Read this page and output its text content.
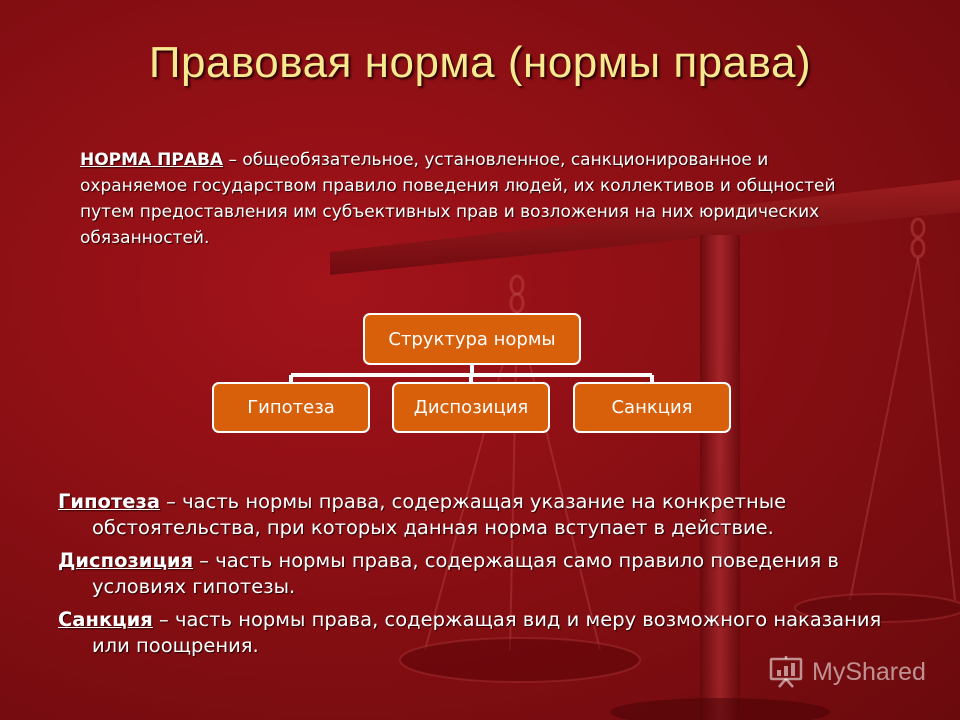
Правовая норма (нормы права)
НОРМА ПРАВА – общеобязательное, установленное, санкционированное и охраняемое государством правило поведения людей, их коллективов и общностей путем предоставления им субъективных прав и возложения на них юридических обязанностей.
Структура нормы
Гипотеза	Диспозиция	Санкция

Гипотеза – часть нормы права, содержащая указание на конкретные обстоятельства, при которых данная норма вступает в действие.

Диспозиция – часть нормы права, содержащая само правило поведения в условиях гипотезы.

Санкция – часть нормы права, содержащая вид и меру возможного наказания или поощрения.

MyShared
